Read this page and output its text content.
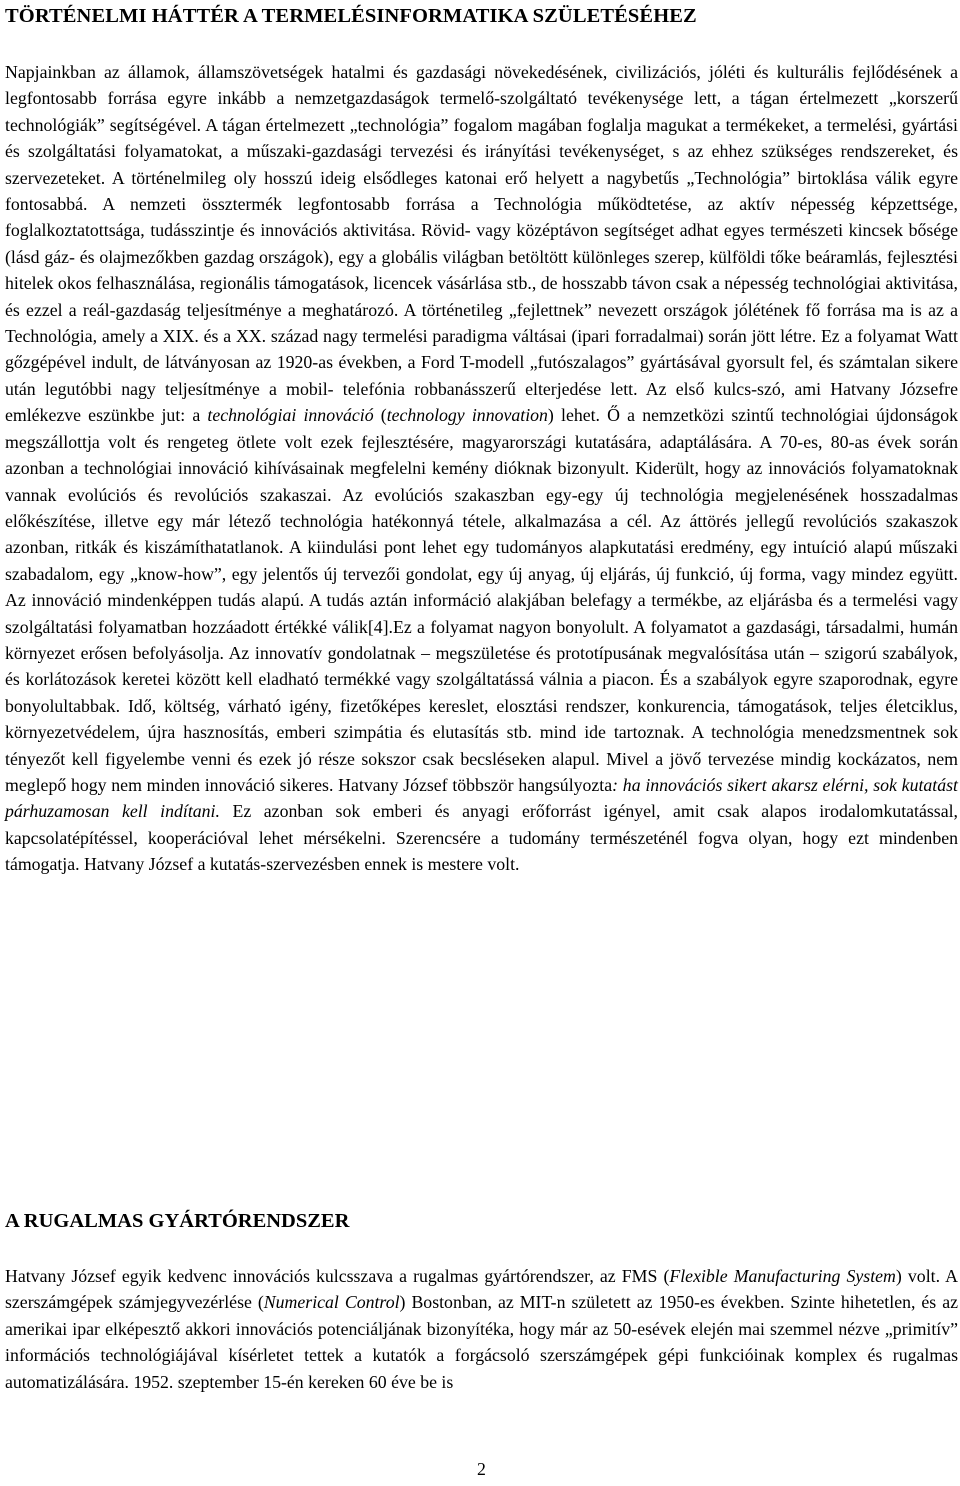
TÖRTÉNELMI HÁTTÉR A TERMELÉSINFORMATIKA SZÜLETÉSÉHEZ
Napjainkban az államok, államszövetségek hatalmi és gazdasági növekedésének, civilizációs, jóléti és kulturális fejlődésének a legfontosabb forrása egyre inkább a nemzetgazdaságok termelő-szolgáltató tevékenysége lett, a tágan értelmezett „korszerű technológiák” segítségével. A tágan értelmezett „technológia” fogalom magában foglalja magukat a termékeket, a termelési, gyártási és szolgáltatási folyamatokat, a műszaki-gazdasági tervezési és irányítási tevékenységet, s az ehhez szükséges rendszereket, és szervezeteket. A történelmileg oly hosszú ideig elsődleges katonai erő helyett a nagybetűs „Technológia” birtoklása válik egyre fontosabbá. A nemzeti össztermék legfontosabb forrása a Technológia működtetése, az aktív népesség képzettsége, foglalkoztatottsága, tudásszintje és innovációs aktivitása. Rövid- vagy középtávon segítséget adhat egyes természeti kincsek bősége (lásd gáz- és olajmezőkben gazdag országok), egy a globális világban betöltött különleges szerep, külföldi tőke beáramlás, fejlesztési hitelek okos felhasználása, regionális támogatások, licencek vásárlása stb., de hosszabb távon csak a népesség technológiai aktivitása, és ezzel a reál-gazdaság teljesítménye a meghatározó. A történetileg „fejlettnek” nevezett országok jólétének fő forrása ma is az a Technológia, amely a XIX. és a XX. század nagy termelési paradigma váltásai (ipari forradalmai) során jött létre. Ez a folyamat Watt gőzgépével indult, de látványosan az 1920-as években, a Ford T-modell „futószalagos” gyártásával gyorsult fel, és számtalan sikere után legutóbbi nagy teljesítménye a mobil- telefónia robbanásszerű elterjedése lett. Az első kulcs-szó, ami Hatvany Józsefre emlékezve eszünkbe jut: a technológiai innováció (technology innovation) lehet. Ő a nemzetközi szintű technológiai újdonságok megszállottja volt és rengeteg ötlete volt ezek fejlesztésére, magyarországi kutatására, adaptálására. A 70-es, 80-as évek során azonban a technológiai innováció kihívásainak megfelelni kemény dióknak bizonyult. Kiderült, hogy az innovációs folyamatoknak vannak evolúciós és revolúciós szakaszai. Az evolúciós szakaszban egy-egy új technológia megjelenésének hosszadalmas előkészítése, illetve egy már létező technológia hatékonnyá tétele, alkalmazása a cél. Az áttörés jellegű revolúciós szakaszok azonban, ritkák és kiszámíthatatlanok. A kiindulási pont lehet egy tudományos alapkutatási eredmény, egy intuíció alapú műszaki szabadalom, egy „know-how”, egy jelentős új tervezői gondolat, egy új anyag, új eljárás, új funkció, új forma, vagy mindez együtt. Az innováció mindenképpen tudás alapú. A tudás aztán információ alakjában belefagy a termékbe, az eljárásba és a termelési vagy szolgáltatási folyamatban hozzáadott értékké válik[4].Ez a folyamat nagyon bonyolult. A folyamatot a gazdasági, társadalmi, humán környezet erősen befolyásolja. Az innovatív gondolatnak – megszületése és prototípusának megvalósítása után – szigorú szabályok, és korlátozások keretei között kell eladható termékké vagy szolgáltatássá válnia a piacon. És a szabályok egyre szaporodnak, egyre bonyolultabbak. Idő, költség, várható igény, fizetőképes kereslet, elosztási rendszer, konkurencia, támogatások, teljes életciklus, környezetvédelem, újra hasznosítás, emberi szimpátia és elutasítás stb. mind ide tartoznak. A technológia menedzsmentnek sok tényezőt kell figyelembe venni és ezek jó része sokszor csak becsléseken alapul. Mivel a jövő tervezése mindig kockázatos, nem meglepő hogy nem minden innováció sikeres. Hatvany József többször hangsúlyozta: ha innovációs sikert akarsz elérni, sok kutatást párhuzamosan kell indítani. Ez azonban sok emberi és anyagi erőforrást igényel, amit csak alapos irodalomkutatással, kapcsolatépítéssel, kooperációval lehet mérsékelni. Szerencsére a tudomány természeténél fogva olyan, hogy ezt mindenben támogatja. Hatvany József a kutatás-szervezésben ennek is mestere volt.
A RUGALMAS GYÁRTÓRENDSZER
Hatvany József egyik kedvenc innovációs kulcsszava a rugalmas gyártórendszer, az FMS (Flexible Manufacturing System) volt. A szerszámgépek számjegyvezérlése (Numerical Control) Bostonban, az MIT-n született az 1950-es években. Szinte hihetetlen, és az amerikai ipar elképesztő akkori innovációs potenciáljának bizonyítéka, hogy már az 50-esévek elején mai szemmel nézve „primitív” információs technológiájával kísérletet tettek a kutatók a forgácsoló szerszámgépek gépi funkcióinak komplex és rugalmas automatizálására. 1952. szeptember 15-én kereken 60 éve be is
2
